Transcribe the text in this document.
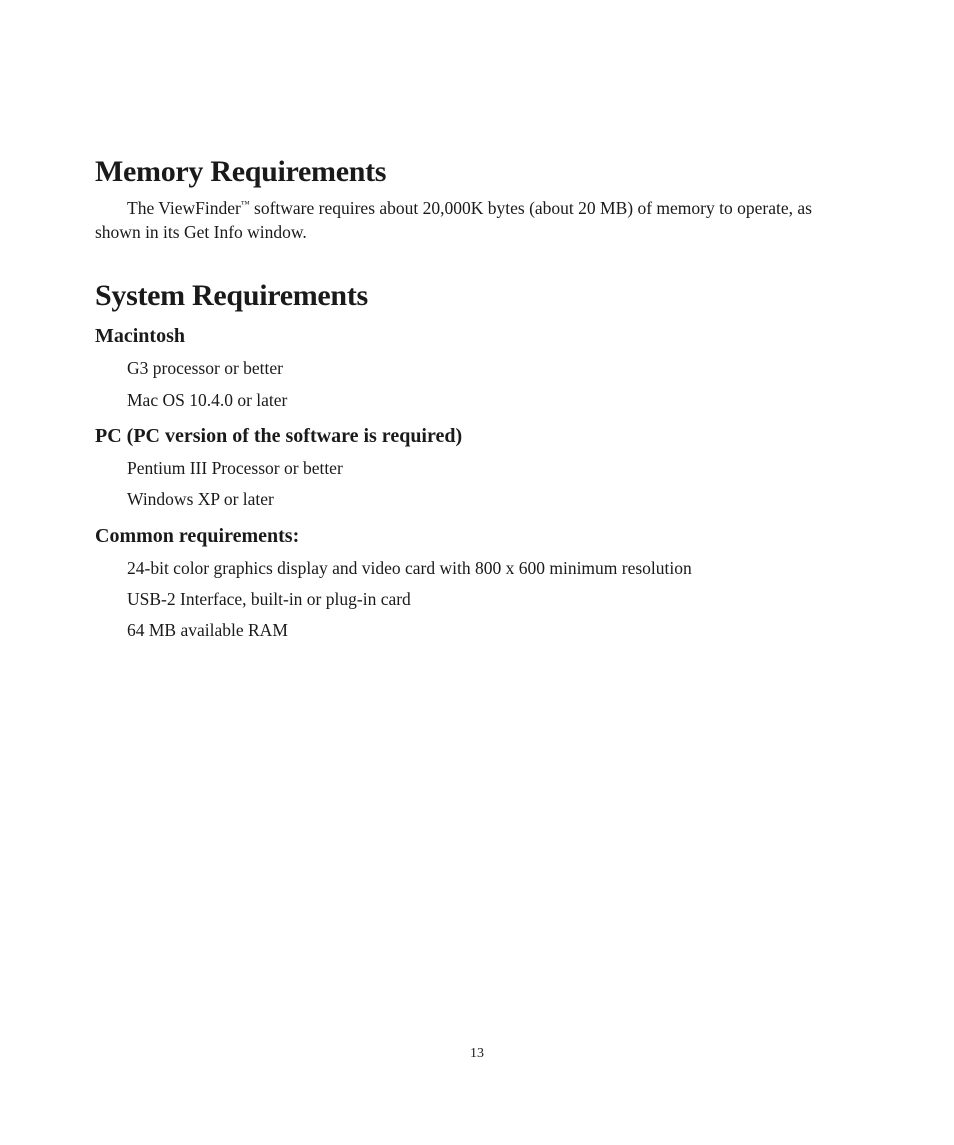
Memory Requirements

The ViewFinder™ software requires about 20,000K bytes (about 20 MB) of memory to operate, as shown in its Get Info window.

System Requirements
Macintosh

G3 processor or better

Mac OS 10.4.0 or later

PC (PC version of the software is required)

Pentium III Processor or better

Windows XP or later

Common requirements:

24-bit color graphics display and video card with 800 x 600 minimum resolution

USB-2 Interface, built-in or plug-in card

64 MB available RAM

13
